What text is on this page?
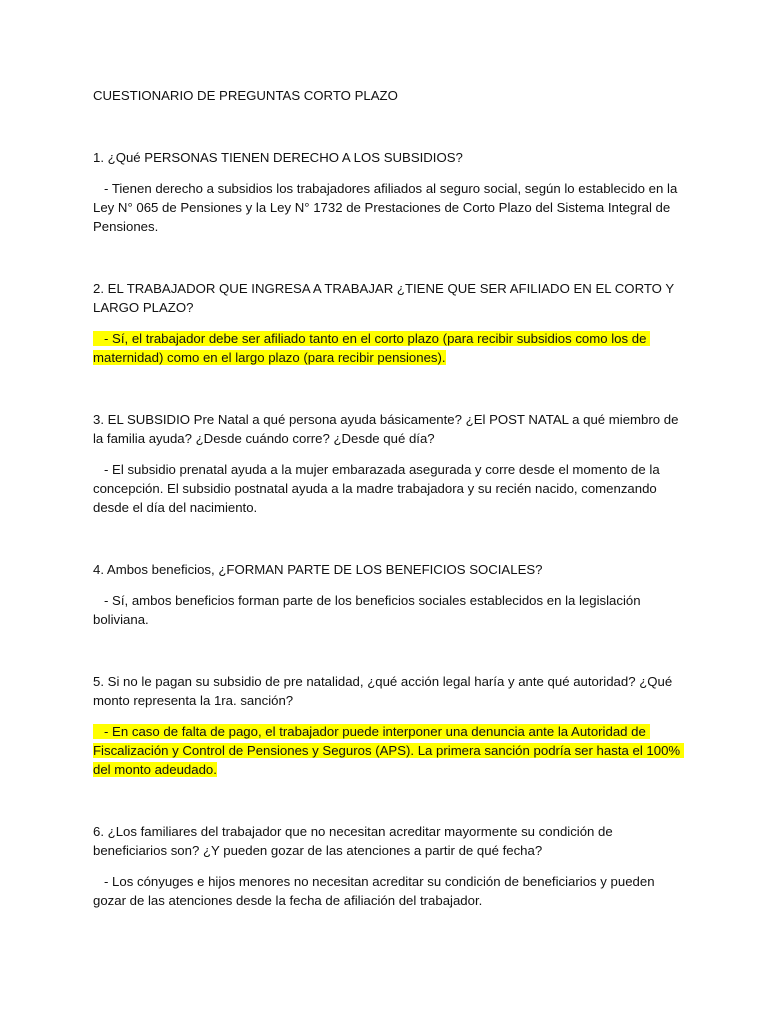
CUESTIONARIO DE PREGUNTAS CORTO PLAZO

1. ¿Qué PERSONAS TIENEN DERECHO A LOS SUBSIDIOS?

- Tienen derecho a subsidios los trabajadores afiliados al seguro social, según lo establecido en la Ley N° 065 de Pensiones y la Ley N° 1732 de Prestaciones de Corto Plazo del Sistema Integral de Pensiones.

2. EL TRABAJADOR QUE INGRESA A TRABAJAR ¿TIENE QUE SER AFILIADO EN EL CORTO Y LARGO PLAZO?

- Sí, el trabajador debe ser afiliado tanto en el corto plazo (para recibir subsidios como los de maternidad) como en el largo plazo (para recibir pensiones).

3. EL SUBSIDIO Pre Natal a qué persona ayuda básicamente? ¿El POST NATAL a qué miembro de la familia ayuda? ¿Desde cuándo corre? ¿Desde qué día?

- El subsidio prenatal ayuda a la mujer embarazada asegurada y corre desde el momento de la concepción. El subsidio postnatal ayuda a la madre trabajadora y su recién nacido, comenzando desde el día del nacimiento.

4. Ambos beneficios, ¿FORMAN PARTE DE LOS BENEFICIOS SOCIALES?

- Sí, ambos beneficios forman parte de los beneficios sociales establecidos en la legislación boliviana.

5. Si no le pagan su subsidio de pre natalidad, ¿qué acción legal haría y ante qué autoridad? ¿Qué monto representa la 1ra. sanción?

- En caso de falta de pago, el trabajador puede interponer una denuncia ante la Autoridad de Fiscalización y Control de Pensiones y Seguros (APS). La primera sanción podría ser hasta el 100% del monto adeudado.

6. ¿Los familiares del trabajador que no necesitan acreditar mayormente su condición de beneficiarios son? ¿Y pueden gozar de las atenciones a partir de qué fecha?

- Los cónyuges e hijos menores no necesitan acreditar su condición de beneficiarios y pueden gozar de las atenciones desde la fecha de afiliación del trabajador.
